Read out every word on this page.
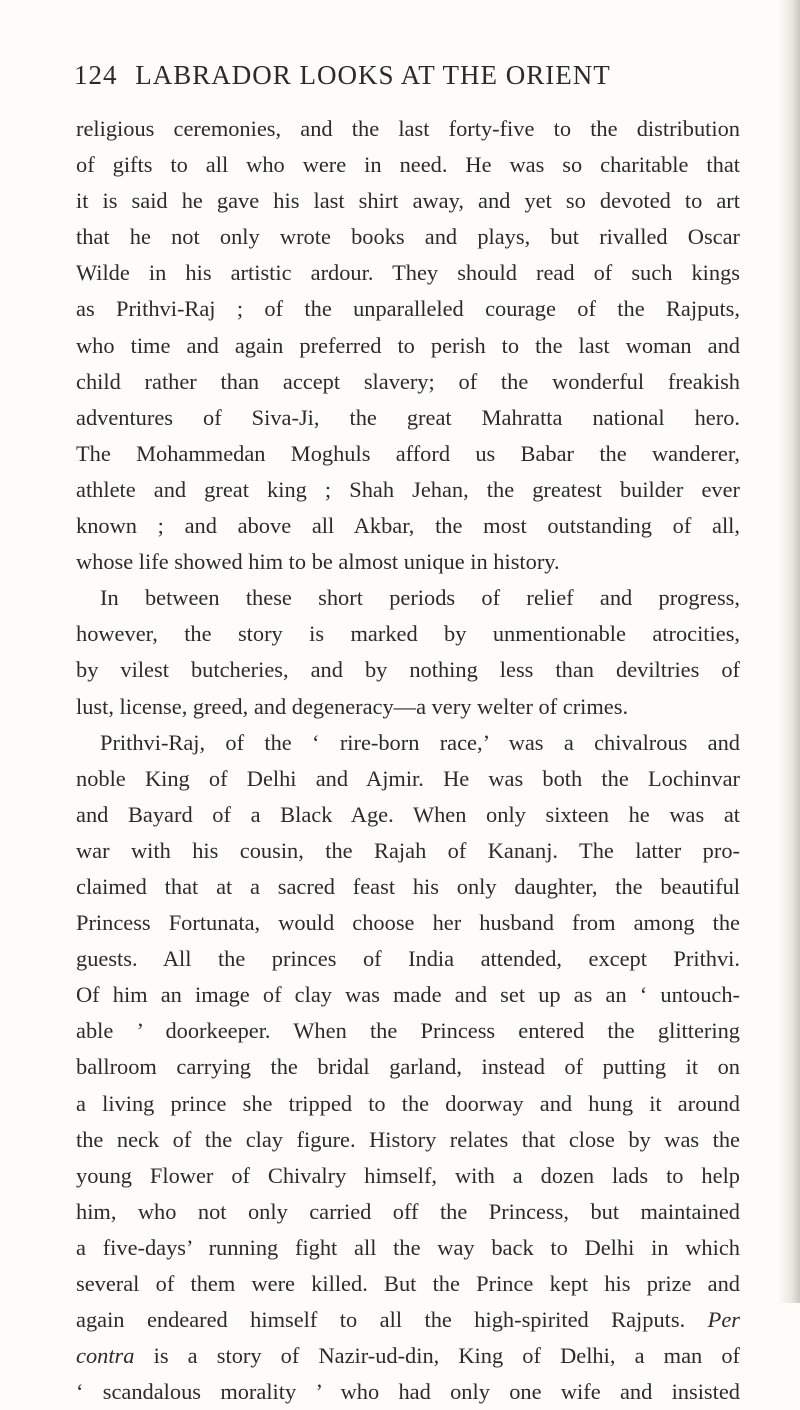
124 LABRADOR LOOKS AT THE ORIENT
religious ceremonies, and the last forty-five to the distribution
of gifts to all who were in need. He was so charitable that
it is said he gave his last shirt away, and yet so devoted to art
that he not only wrote books and plays, but rivalled Oscar
Wilde in his artistic ardour. They should read of such kings
as Prithvi-Raj ; of the unparalleled courage of the Rajputs,
who time and again preferred to perish to the last woman and
child rather than accept slavery; of the wonderful freakish
adventures of Siva-Ji, the great Mahratta national hero.
The Mohammedan Moghuls afford us Babar the wanderer,
athlete and great king ; Shah Jehan, the greatest builder ever
known ; and above all Akbar, the most outstanding of all,
whose life showed him to be almost unique in history.
In between these short periods of relief and progress,
however, the story is marked by unmentionable atrocities,
by vilest butcheries, and by nothing less than deviltries of
lust, license, greed, and degeneracy—a very welter of crimes.
Prithvi-Raj, of the ‘ rire-born race,’ was a chivalrous and
noble King of Delhi and Ajmir. He was both the Lochinvar
and Bayard of a Black Age. When only sixteen he was at
war with his cousin, the Rajah of Kananj. The latter pro-
claimed that at a sacred feast his only daughter, the beautiful
Princess Fortunata, would choose her husband from among the
guests. All the princes of India attended, except Prithvi.
Of him an image of clay was made and set up as an ‘ untouch-
able ’ doorkeeper. When the Princess entered the glittering
ballroom carrying the bridal garland, instead of putting it on
a living prince she tripped to the doorway and hung it around
the neck of the clay figure. History relates that close by was the
young Flower of Chivalry himself, with a dozen lads to help
him, who not only carried off the Princess, but maintained
a five-days’ running fight all the way back to Delhi in which
several of them were killed. But the Prince kept his prize and
again endeared himself to all the high-spirited Rajputs. Per
contra is a story of Nazir-ud-din, King of Delhi, a man of
‘ scandalous morality ’ who had only one wife and insisted
